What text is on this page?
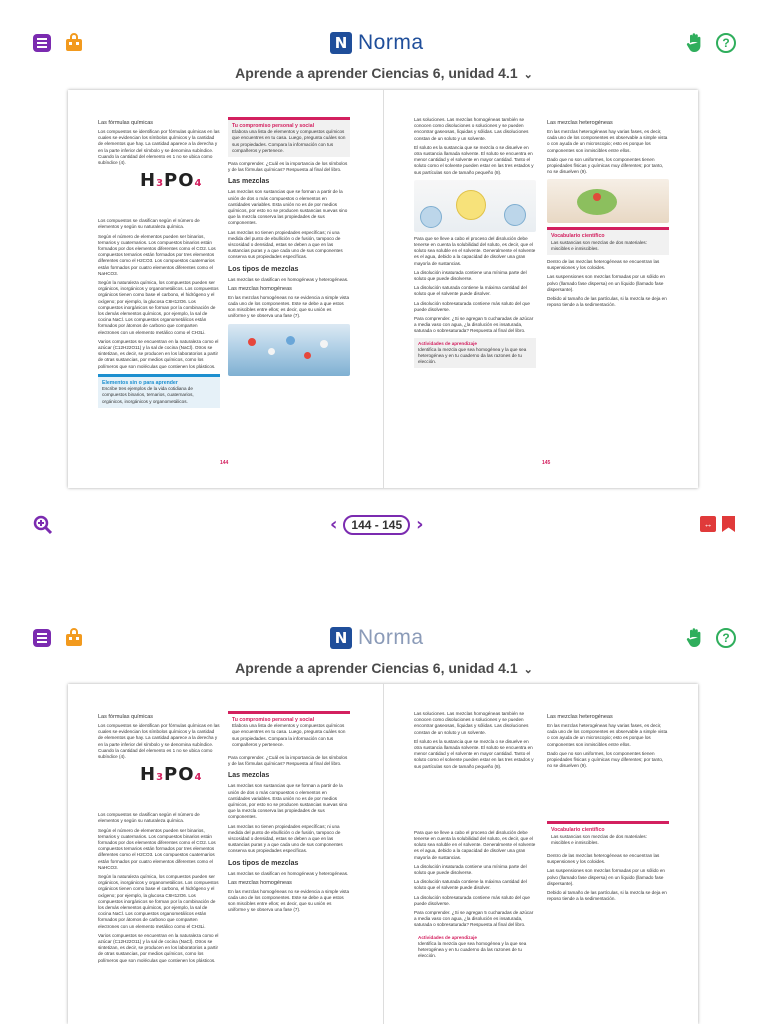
N Norma	?
Aprende a aprender Ciencias 6, unidad 4.1 ⌄
Las fórmulas químicas

Los compuestos se identifican por fórmulas químicas en las cuales se evidencian los símbolos químicos y la cantidad de elementos que hay. La cantidad aparece a la derecha y en la parte inferior del símbolo y se denomina subíndice. Cuando la cantidad del elemento es 1 no se ubica como subíndice (4).

H3PO4

Los compuestos se clasifican según el número de elementos y según su naturaleza química.

Según el número de elementos pueden ser binarios, ternarios y cuaternarios. Los compuestos binarios están formados por dos elementos diferentes como el CO2. Los compuestos ternarios están formados por tres elementos diferentes como el H2CO3. Los compuestos cuaternarios están formados por cuatro elementos diferentes como el NaHCO3.

Según la naturaleza química, los compuestos pueden ser orgánicos, inorgánicos y organometálicos. Los compuestos orgánicos tienen como base el carbono, el hidrógeno y el oxígeno; por ejemplo, la glucosa C6H12O6. Los compuestos inorgánicos se forman por la combinación de los demás elementos químicos, por ejemplo, la sal de cocina NaCl. Los compuestos organometálicos están formados por átomos de carbono que comparten electrones con un elemento metálico como el CH3Li.

Varios compuestos se encuentran en la naturaleza como el azúcar (C12H22O11) y la sal de cocina (NaCl). Otros se sintetizan, es decir, se producen en los laboratorios a partir de otras sustancias, por medios químicos, como los polímeros que son moléculas que contienen los plásticos.

Elementos sin o para aprender
Escribe tres ejemplos de la vida cotidiana de compuestos binarios, ternarios, cuaternarios, orgánicos, inorgánicos y organometálicos.
Tu compromiso personal y social
Elabora una lista de elementos y compuestos químicos que encuentres en tu casa. Luego, pregunta cuáles son sus propiedades. Compara la información con tus compañeros y pertenece.

Para comprender. ¿Cuál es la importancia de los símbolos y de las fórmulas químicas? Respuesta al final del libro.

Las mezclas

Las mezclas son sustancias que se forman a partir de la unión de dos o más compuestos o elementos en cantidades variables. Esta unión no es de por medios químicos, por esto no se producen sustancias nuevas sino que la mezcla conserva las propiedades de sus componentes.

Las mezclas no tienen propiedades específicas; ni una medida del punto de ebullición o de fusión, tampoco de viscosidad o densidad, estas se deben a que en las sustancias puras y a que cada uno de sus componentes conserva sus propiedades específicas.

Los tipos de mezclas

Las mezclas se clasifican en homogéneas y heterogéneas.

Las mezclas homogéneas

En las mezclas homogéneas no se evidencia a simple vista cada uno de los componentes. Este se debe a que estos son miscibles entre ellos; es decir, que su unión es uniforme y se observa una fase (7).

144

Las soluciones. Las mezclas homogéneas también se conocen como disoluciones o soluciones y se pueden encontrar gaseosas, líquidas y sólidas. Las disoluciones constan de un soluto y un solvente.

El soluto es la sustancia que se mezcla o se disuelve en otra sustancia llamada solvente. El soluto se encuentra en menor cantidad y el solvente en mayor cantidad. Tanto el soluto como el solvente pueden estar en las tres estados y sus partículas son de tamaño pequeño (8).

Para que se lleve a cabo el proceso del disolución debe tenerse en cuenta la solubilidad del soluto, es decir, que el soluto sea soluble en el solvente. Generalmente el solvente es el agua, debido a la capacidad de disolver una gran mayoría de sustancias.

La disolución insaturada contiene una mínima parte del soluto que puede disolverse.

La disolución saturada contiene la máxima cantidad del soluto que el solvente puede disolver.

La disolución sobresaturada contiene más soluto del que puede disolverse.

Para comprender. ¿Si se agregan 5 cucharadas de azúcar a media vaso con agua, ¿la disolución es insaturada, saturada o sobresaturada? Respuesta al final del libro.

Actividades de aprendizaje
Identifica la mezcla que sea homogénea y la que sea heterogénea y en tu cuaderno da las razones de tu elección.
Las mezclas heterogéneas

En las mezclas heterogéneas hay varias fases, es decir, cada uno de los componentes es observable a simple vista o con ayuda de un microscopio; esto es porque los componentes son inmiscibles entre ellos.

Dado que no son uniformes, los componentes tienen propiedades físicas y químicas muy diferentes; por tanto, no se disuelven (9).

Vocabulario científico
Las sustancias son mezclas de dos materiales: miscibles e inmiscibles.

Dentro de las mezclas heterogéneas se encuentran las suspensiones y los coloides.

Las suspensiones son mezclas formadas por un sólido en polvo (llamado fase dispersa) en un líquido (llamado fase dispersante).

Debido al tamaño de las partículas, si la mezcla se deja en reposo tiende a la sedimentación.

145
‹	144 - 145 ›	↔
N Norma	?
Aprende a aprender Ciencias 6, unidad 4.1 ⌄
Las fórmulas químicas

Los compuestos se identifican por fórmulas químicas en las cuales se evidencian los símbolos químicos y la cantidad de elementos que hay. La cantidad aparece a la derecha y en la parte inferior del símbolo y se denomina subíndice. Cuando la cantidad del elemento es 1 no se ubica como subíndice (4).

H3PO4

Los compuestos se clasifican según el número de elementos y según su naturaleza química.

Según el número de elementos pueden ser binarios, ternarios y cuaternarios. Los compuestos binarios están formados por dos elementos diferentes como el CO2. Los compuestos ternarios están formados por tres elementos diferentes como el H2CO3. Los compuestos cuaternarios están formados por cuatro elementos diferentes como el NaHCO3.

Según la naturaleza química, los compuestos pueden ser orgánicos, inorgánicos y organometálicos. Los compuestos orgánicos tienen como base el carbono, el hidrógeno y el oxígeno; por ejemplo, la glucosa C6H12O6. Los compuestos inorgánicos se forman por la combinación de los demás elementos químicos, por ejemplo, la sal de cocina NaCl. Los compuestos organometálicos están formados por átomos de carbono que comparten electrones con un elemento metálico como el CH3Li.

Varios compuestos se encuentran en la naturaleza como el azúcar (C12H22O11) y la sal de cocina (NaCl). Otros se sintetizan, es decir, se producen en los laboratorios a partir de otras sustancias, por medios químicos, como los polímeros que son moléculas que contienen los plásticos.

Tu compromiso personal y social
Elabora una lista de elementos y compuestos químicos que encuentres en tu casa. Luego, pregunta cuáles son sus propiedades. Compara la información con tus compañeros y pertenece.

Para comprender. ¿Cuál es la importancia de los símbolos y de las fórmulas químicas? Respuesta al final del libro.

Las mezclas

Las mezclas son sustancias que se forman a partir de la unión de dos o más compuestos o elementos en cantidades variables. Esta unión no es de por medios químicos, por esto no se producen sustancias nuevas sino que la mezcla conserva las propiedades de sus componentes.

Las mezclas no tienen propiedades específicas; ni una medida del punto de ebullición o de fusión, tampoco de viscosidad o densidad, estas se deben a que en las sustancias puras y a que cada uno de sus componentes conserva sus propiedades específicas.

Los tipos de mezclas

Las mezclas se clasifican en homogéneas y heterogéneas.

Las mezclas homogéneas

En las mezclas homogéneas no se evidencia a simple vista cada uno de los componentes. Este se debe a que estos son miscibles entre ellos; es decir, que su unión es uniforme y se observa una fase (7).

Las soluciones. Las mezclas homogéneas también se conocen como disoluciones o soluciones y se pueden encontrar gaseosas, líquidas y sólidas. Las disoluciones constan de un soluto y un solvente.

El soluto es la sustancia que se mezcla o se disuelve en otra sustancia llamada solvente. El soluto se encuentra en menor cantidad y el solvente en mayor cantidad. Tanto el soluto como el solvente pueden estar en las tres estados y sus partículas son de tamaño pequeño (8).

Para que se lleve a cabo el proceso del disolución debe tenerse en cuenta la solubilidad del soluto, es decir, que el soluto sea soluble en el solvente. Generalmente el solvente es el agua, debido a la capacidad de disolver una gran mayoría de sustancias.

La disolución insaturada contiene una mínima parte del soluto que puede disolverse.

La disolución saturada contiene la máxima cantidad del soluto que el solvente puede disolver.

La disolución sobresaturada contiene más soluto del que puede disolverse.

Para comprender. ¿Si se agregan 5 cucharadas de azúcar a media vaso con agua, ¿la disolución es insaturada, saturada o sobresaturada? Respuesta al final del libro.

Actividades de aprendizaje
Identifica la mezcla que sea homogénea y la que sea heterogénea y en tu cuaderno da las razones de tu elección.
Las mezclas heterogéneas

En las mezclas heterogéneas hay varias fases, es decir, cada uno de los componentes es observable a simple vista o con ayuda de un microscopio; esto es porque los componentes son inmiscibles entre ellos.

Dado que no son uniformes, los componentes tienen propiedades físicas y químicas muy diferentes; por tanto, no se disuelven (9).

Vocabulario científico
Las sustancias son mezclas de dos materiales: miscibles e inmiscibles.

Dentro de las mezclas heterogéneas se encuentran las suspensiones y los coloides.

Las suspensiones son mezclas formadas por un sólido en polvo (llamado fase dispersa) en un líquido (llamado fase dispersante).

Debido al tamaño de las partículas, si la mezcla se deja en reposo tiende a la sedimentación.
